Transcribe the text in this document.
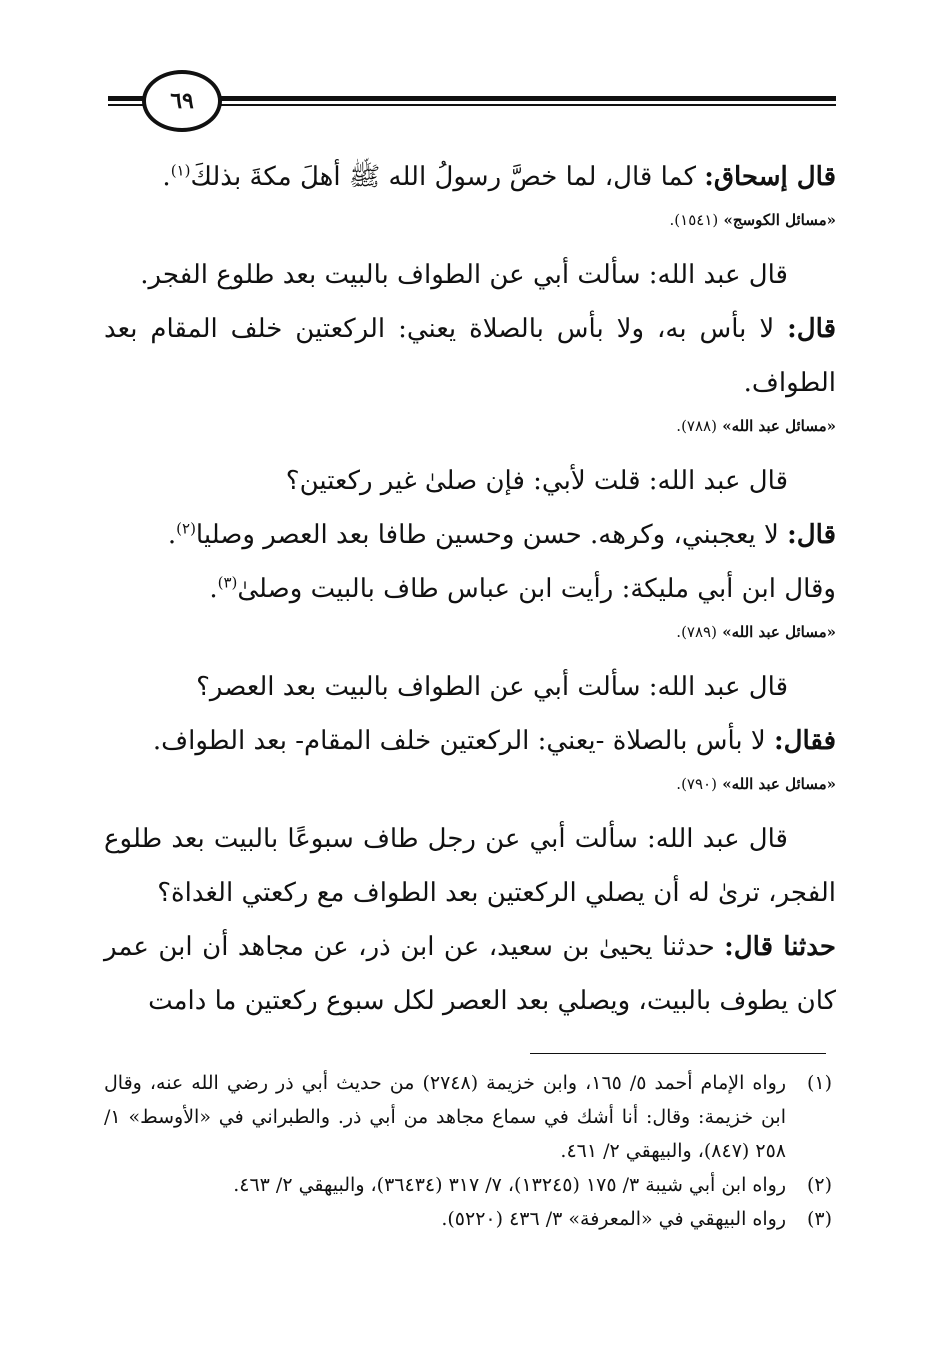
٦٩

قال إسحاق: كما قال، لما خصَّ رسولُ الله ﷺ أهلَ مكةَ بذلكَ$^{(١)}$.

«مسائل الكوسج» (١٥٤١).

قال عبد الله: سألت أبي عن الطواف بالبيت بعد طلوع الفجر.

قال: لا بأس به، ولا بأس بالصلاة يعني: الركعتين خلف المقام بعد الطواف.

«مسائل عبد الله» (٧٨٨).

قال عبد الله: قلت لأبي: فإن صلىٰ غير ركعتين؟

قال: لا يعجبني، وكرهه. حسن وحسين طافا بعد العصر وصليا$^{(٢)}$.

وقال ابن أبي مليكة: رأيت ابن عباس طاف بالبيت وصلىٰ$^{(٣)}$.

«مسائل عبد الله» (٧٨٩).

قال عبد الله: سألت أبي عن الطواف بالبيت بعد العصر؟

فقال: لا بأس بالصلاة -يعني: الركعتين خلف المقام- بعد الطواف.

«مسائل عبد الله» (٧٩٠).

قال عبد الله: سألت أبي عن رجل طاف سبوعًا بالبيت بعد طلوع الفجر، ترىٰ له أن يصلي الركعتين بعد الطواف مع ركعتي الغداة؟

حدثنا قال: حدثنا يحيىٰ بن سعيد، عن ابن ذر، عن مجاهد أن ابن عمر كان يطوف بالبيت، ويصلي بعد العصر لكل سبوع ركعتين ما دامت

(١)
رواه الإمام أحمد ٥/ ١٦٥، وابن خزيمة (٢٧٤٨) من حديث أبي ذر رضي الله عنه، وقال ابن خزيمة: وقال: أنا أشك في سماع مجاهد من أبي ذر. والطبراني في «الأوسط» ١/ ٢٥٨ (٨٤٧)، والبيهقي ٢/ ٤٦١.
(٢)
رواه ابن أبي شيبة ٣/ ١٧٥ (١٣٢٤٥)، ٧/ ٣١٧ (٣٦٤٣٤)، والبيهقي ٢/ ٤٦٣.
(٣)
رواه البيهقي في «المعرفة» ٣/ ٤٣٦ (٥٢٢٠).
